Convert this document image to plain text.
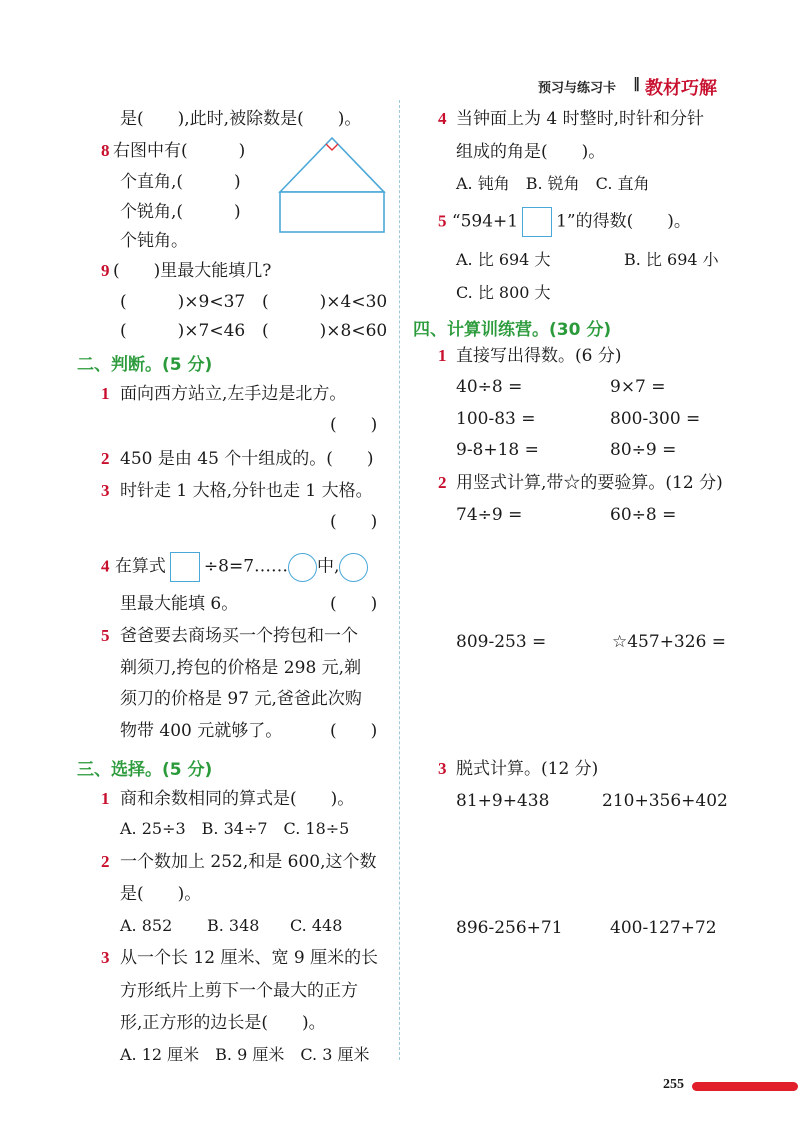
预习与练习卡 ‖ 教材巧解
是(　　),此时,被除数是(　　)。
8 右图中有(　　　)
个直角,(　　　)
个锐角,(　　　)
个钝角。
9 (　　)里最大能填几?
(　　　)×9<37 (　　　)×4<30
(　　　)×7<46 (　　　)×8<60
二、判断。(5 分)
1 面向西方站立,左手边是北方。
(　　)
2 450 是由 45 个十组成的。(　　)
3 时针走 1 大格,分针也走 1 大格。
(　　)
4 在算式 ÷8=7…… 中,
里最大能填 6。	(　　)
5 爸爸要去商场买一个挎包和一个
剃须刀,挎包的价格是 298 元,剃
须刀的价格是 97 元,爸爸此次购
物带 400 元就够了。	(　　)
三、选择。(5 分)
1 商和余数相同的算式是(　　)。
A. 25÷3　B. 34÷7　C. 18÷5
2 一个数加上 252,和是 600,这个数
是(　　)。
A. 852 B. 348 C. 448
3 从一个长 12 厘米、宽 9 厘米的长
方形纸片上剪下一个最大的正方
形,正方形的边长是(　　)。
A. 12 厘米　B. 9 厘米　C. 3 厘米
4 当钟面上为 4 时整时,时针和分针
组成的角是(　　)。
A. 钝角　B. 锐角　C. 直角
5 “594+1 1”的得数(　　)。
A. 比 694 大	B. 比 694 小
C. 比 800 大
四、计算训练营。(30 分)
1 直接写出得数。(6 分)
40÷8 =	9×7 =
100-83 =	800-300 =
9-8+18 =	80÷9 =
2 用竖式计算,带☆的要验算。(12 分)
74÷9 =	60÷8 =
809-253 =	☆457+326 =
3 脱式计算。(12 分)
81+9+438	210+356+402
896-256+71	400-127+72
255
